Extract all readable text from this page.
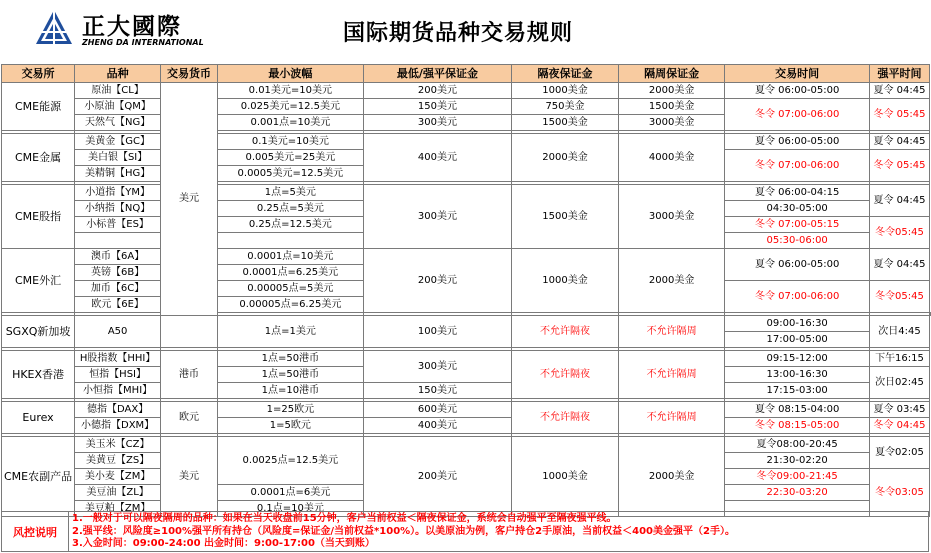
正大國際
ZHENG DA INTERNATIONAL	国际期货品种交易规则
交易所	品种	交易货币	最小波幅	最低/强平保证金	隔夜保证金	隔周保证金	交易时间	强平时间	
CME能源	原油【CL】	美元	0.01美元=10美元	200美元	1000美金	2000美金	夏令 06:00-05:00	夏令 04:45	
	小原油【QM】		0.025美元=12.5美元	150美元	750美金	1500美金	冬令 07:00-06:00	冬令 05:45	
	天然气【NG】		0.001点=10美元	300美元	1500美金	3000美金			

CME金属	美黄金【GC】		0.1美元=10美元	400美元	2000美金	4000美金	夏令 06:00-05:00	夏令 04:45	
	美白银【SI】		0.005美元=25美元				冬令 07:00-06:00	冬令 05:45	
	美精铜【HG】		0.0005美元=12.5美元						

CME股指	小道指【YM】		1点=5美元	300美元	1500美金	3000美金	夏令 06:00-04:15	夏令 04:45	
	小纳指【NQ】		0.25点=5美元				04:30-05:00		
	小标普【ES】		0.25点=12.5美元				冬令 07:00-05:15	冬令05:45	
							05:30-06:00		
CME外汇	澳币【6A】		0.0001点=10美元	200美元	1000美金	2000美金	夏令 06:00-05:00	夏令 04:45	
	英镑【6B】		0.0001点=6.25美元						
	加币【6C】		0.00005点=5美元				冬令 07:00-06:00	冬令05:45	
	欧元【6E】		0.00005点=6.25美元						

SGXQ新加坡	A50		1点=1美元	100美元	不允许隔夜	不允许隔周	09:00-16:30	次日4:45	
							17:00-05:00		

HKEX香港	H股指数【HHI】	港币	1点=50港币	300美元	不允许隔夜	不允许隔周	09:15-12:00	下午16:15	
	恒指【HSI】		1点=50港币				13:00-16:30	次日02:45	
	小恒指【MHI】		1点=10港币	150美元			17:15-03:00		

Eurex	德指【DAX】	欧元	1=25欧元	600美元	不允许隔夜	不允许隔周	夏令 08:15-04:00	夏令 03:45	
	小德指【DXM】		1=5欧元	400美元			冬令 08:15-05:00	冬令 04:45	

CME农副产品	美玉米【CZ】	美元	0.0025点=12.5美元	200美元	1000美金	2000美金	夏令08:00-20:45	夏令02:05	
	美黄豆【ZS】						21:30-02:20		
	美小麦【ZM】						冬令09:00-21:45	冬令03:05	
	美豆油【ZL】		0.0001点=6美元				22:30-03:20		
	美豆粕【ZM】		0.1点=10美元						
风控说明
1.一般对于可以隔夜隔周的品种：如果在当天收盘前15分钟，客户当前权益＜隔夜保证金，系统会自动强平至隔夜强平线。
2.强平线：风险度≥100%强平所有持仓（风险度=保证金/当前权益*100%）。以美原油为例，客户持仓2手原油，当前权益＜400美金强平（2手）。
3.入金时间：09:00-24:00 出金时间：9:00-17:00（当天到账）
